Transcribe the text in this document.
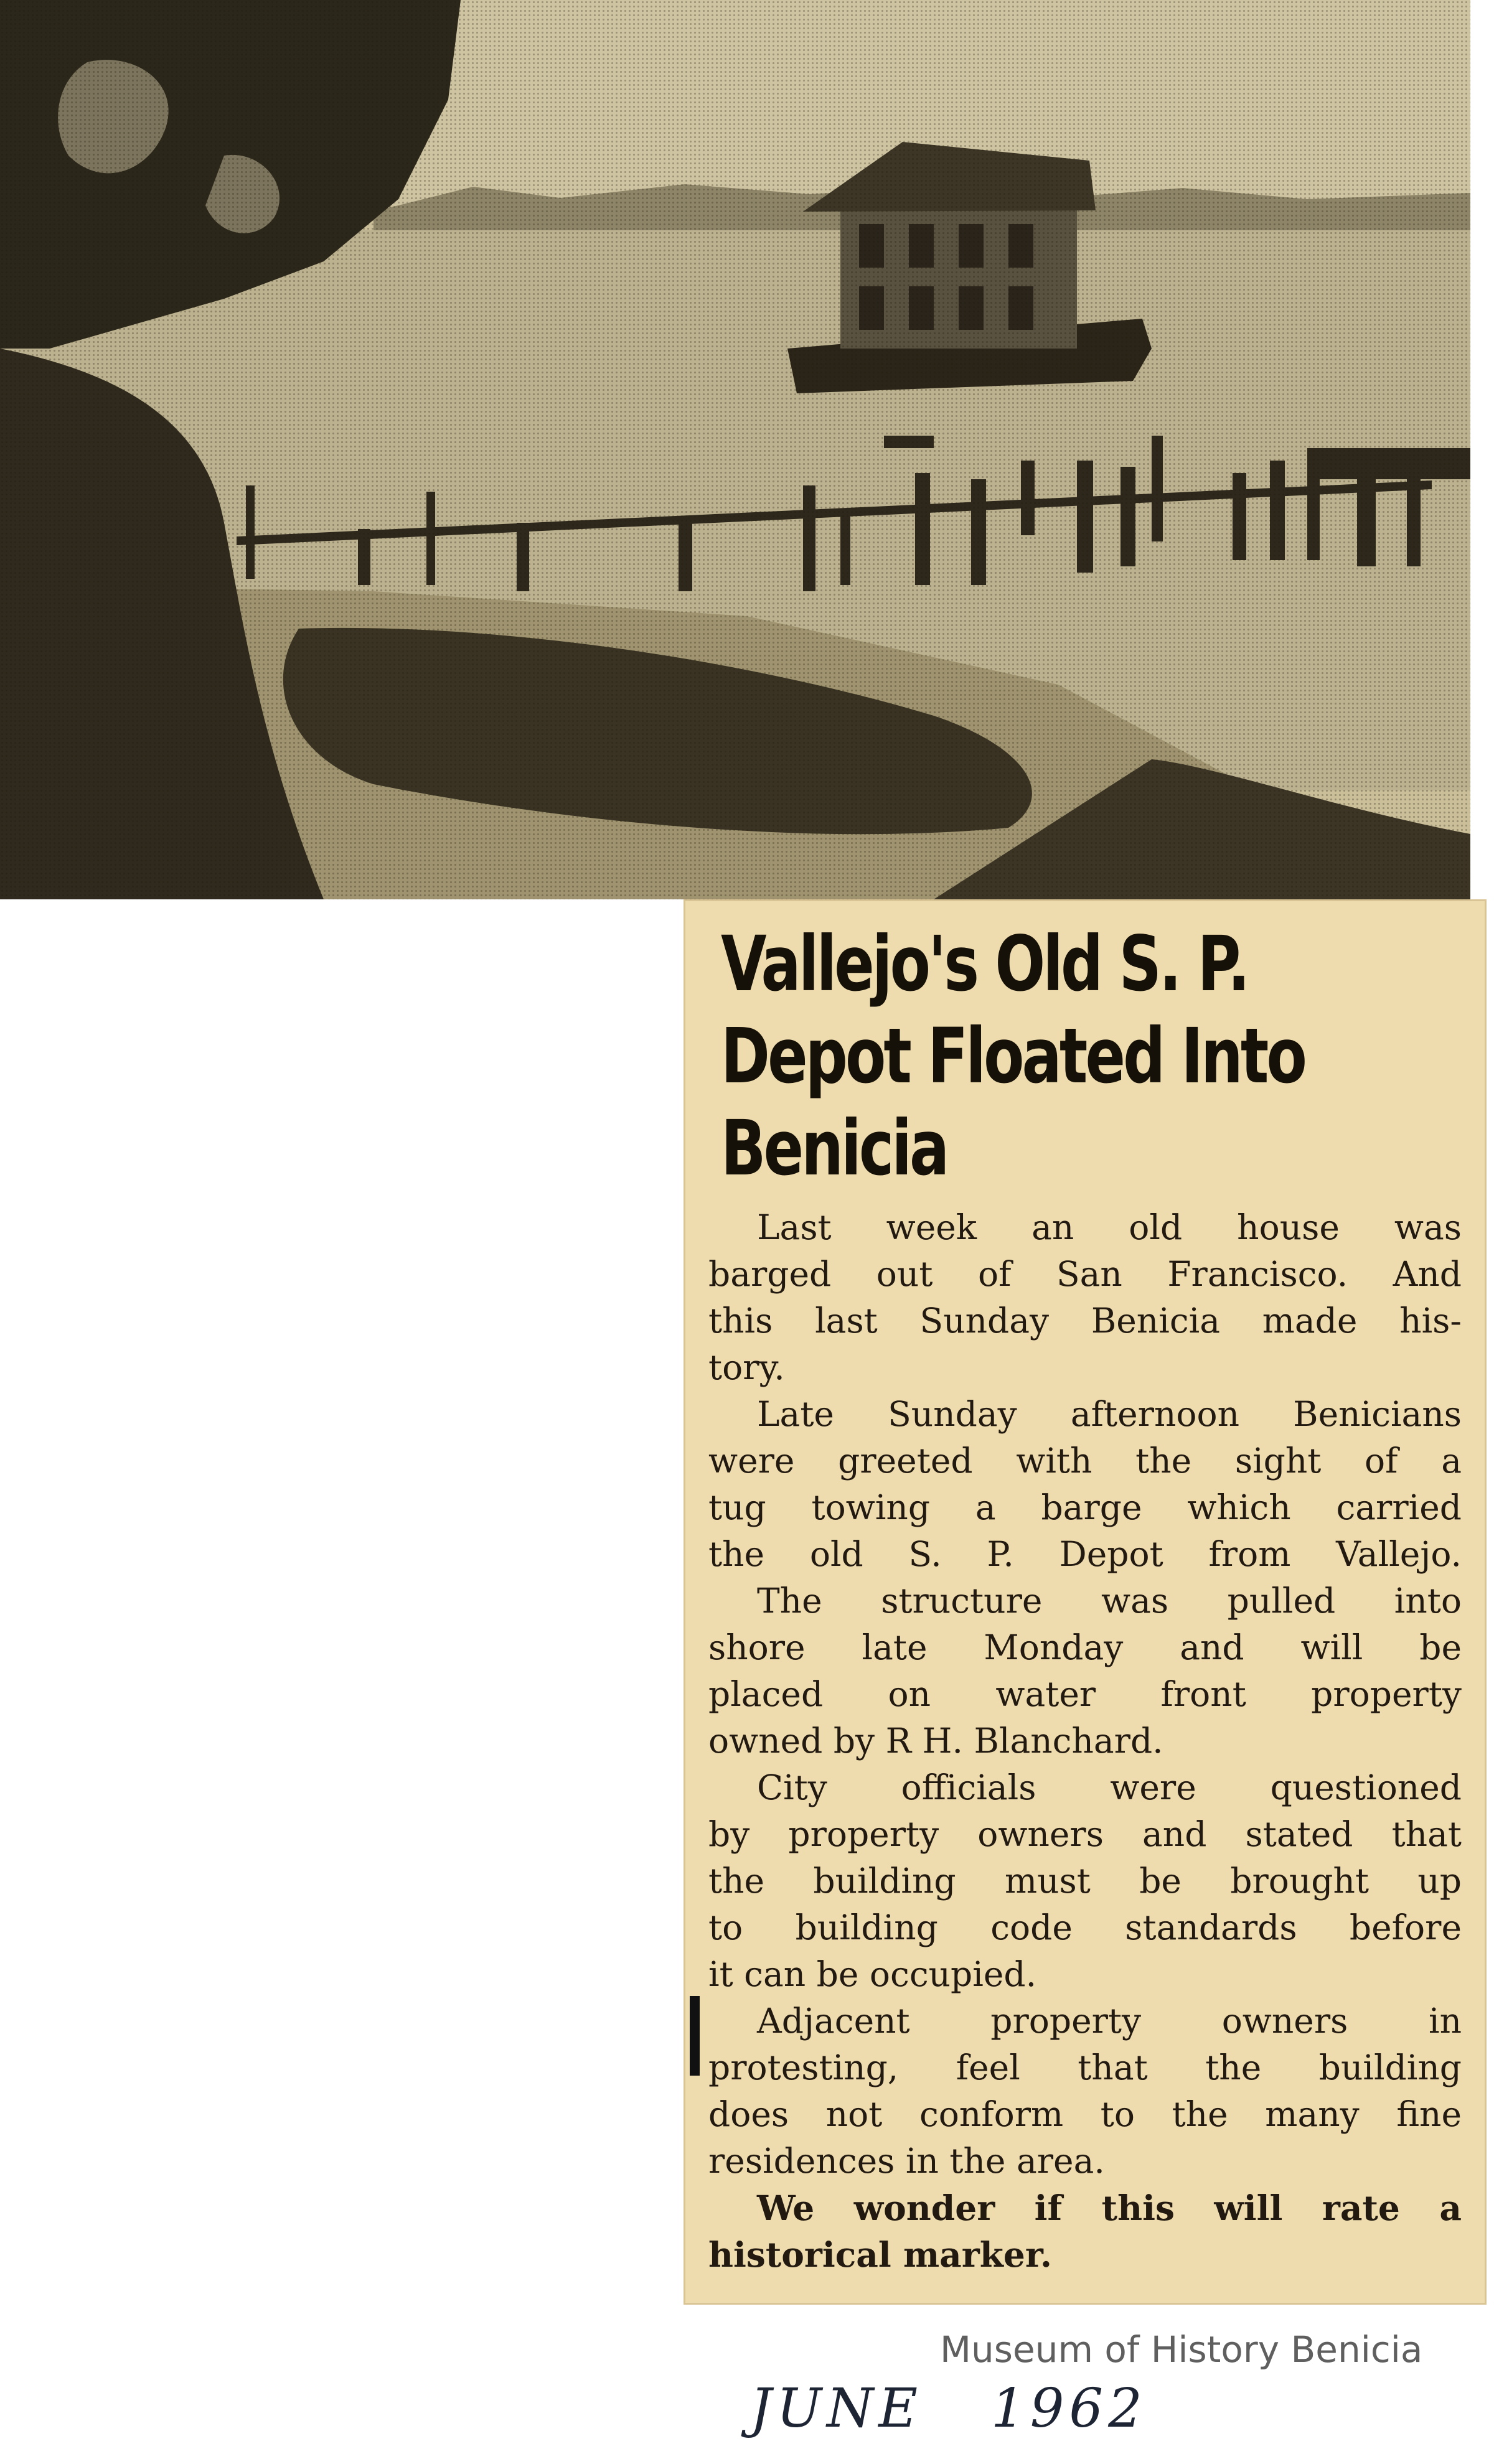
Vallejo's Old S. P.
Depot Floated Into
Benicia
Last week an old house was
barged out of San Francisco. And
this last Sunday Benicia made his-
tory.
Late Sunday afternoon Benicians
were greeted with the sight of a
tug towing a barge which carried
the old S. P. Depot from Vallejo.
The structure was pulled into
shore late Monday and will be
placed on water front property
owned by R H. Blanchard.
City officials were questioned
by property owners and stated that
the building must be brought up
to building code standards before
it can be occupied.
Adjacent property owners in
protesting, feel that the building
does not conform to the many fine
residences in the area.
We wonder if this will rate a
historical marker.

Museum of History Benicia

JUNE 1962
